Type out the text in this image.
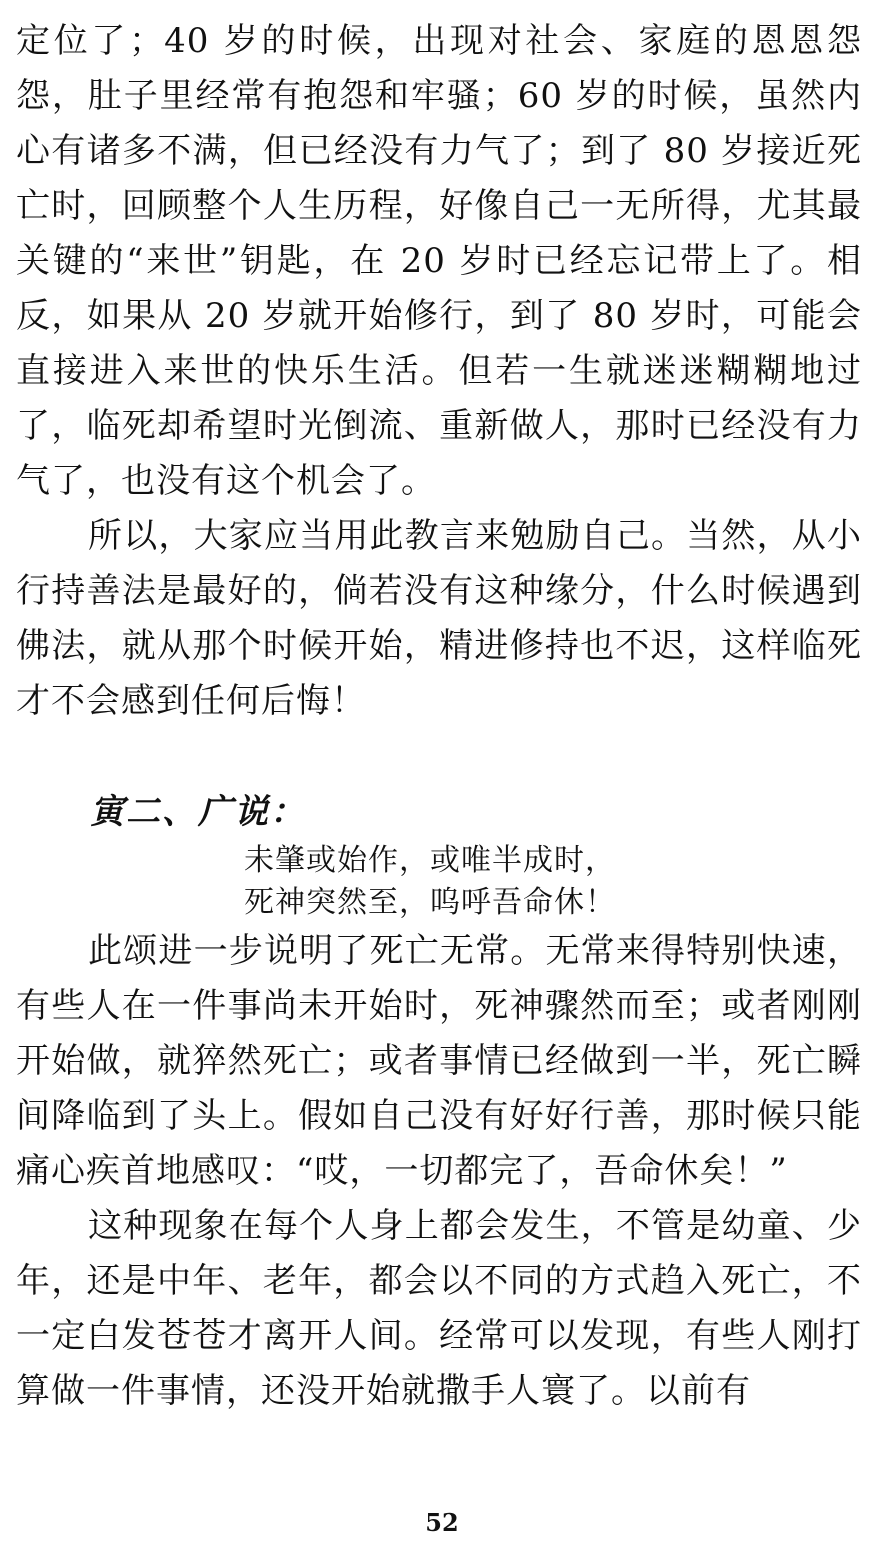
定位了；40 岁的时候，出现对社会、家庭的恩恩怨怨，肚子里经常有抱怨和牢骚；60 岁的时候，虽然内心有诸多不满，但已经没有力气了；到了 80 岁接近死亡时，回顾整个人生历程，好像自己一无所得，尤其最关键的“来世”钥匙，在 20 岁时已经忘记带上了。相反，如果从 20 岁就开始修行，到了 80 岁时，可能会直接进入来世的快乐生活。但若一生就迷迷糊糊地过了，临死却希望时光倒流、重新做人，那时已经没有力气了，也没有这个机会了。

所以，大家应当用此教言来勉励自己。当然，从小行持善法是最好的，倘若没有这种缘分，什么时候遇到佛法，就从那个时候开始，精进修持也不迟，这样临死才不会感到任何后悔！

寅二、广说：

未肇或始作，或唯半成时，

死神突然至，呜呼吾命休！

此颂进一步说明了死亡无常。无常来得特别快速，有些人在一件事尚未开始时，死神骤然而至；或者刚刚开始做，就猝然死亡；或者事情已经做到一半，死亡瞬间降临到了头上。假如自己没有好好行善，那时候只能痛心疾首地感叹：“哎，一切都完了，吾命休矣！”

这种现象在每个人身上都会发生，不管是幼童、少年，还是中年、老年，都会以不同的方式趋入死亡，不一定白发苍苍才离开人间。经常可以发现，有些人刚打算做一件事情，还没开始就撒手人寰了。以前有

52
